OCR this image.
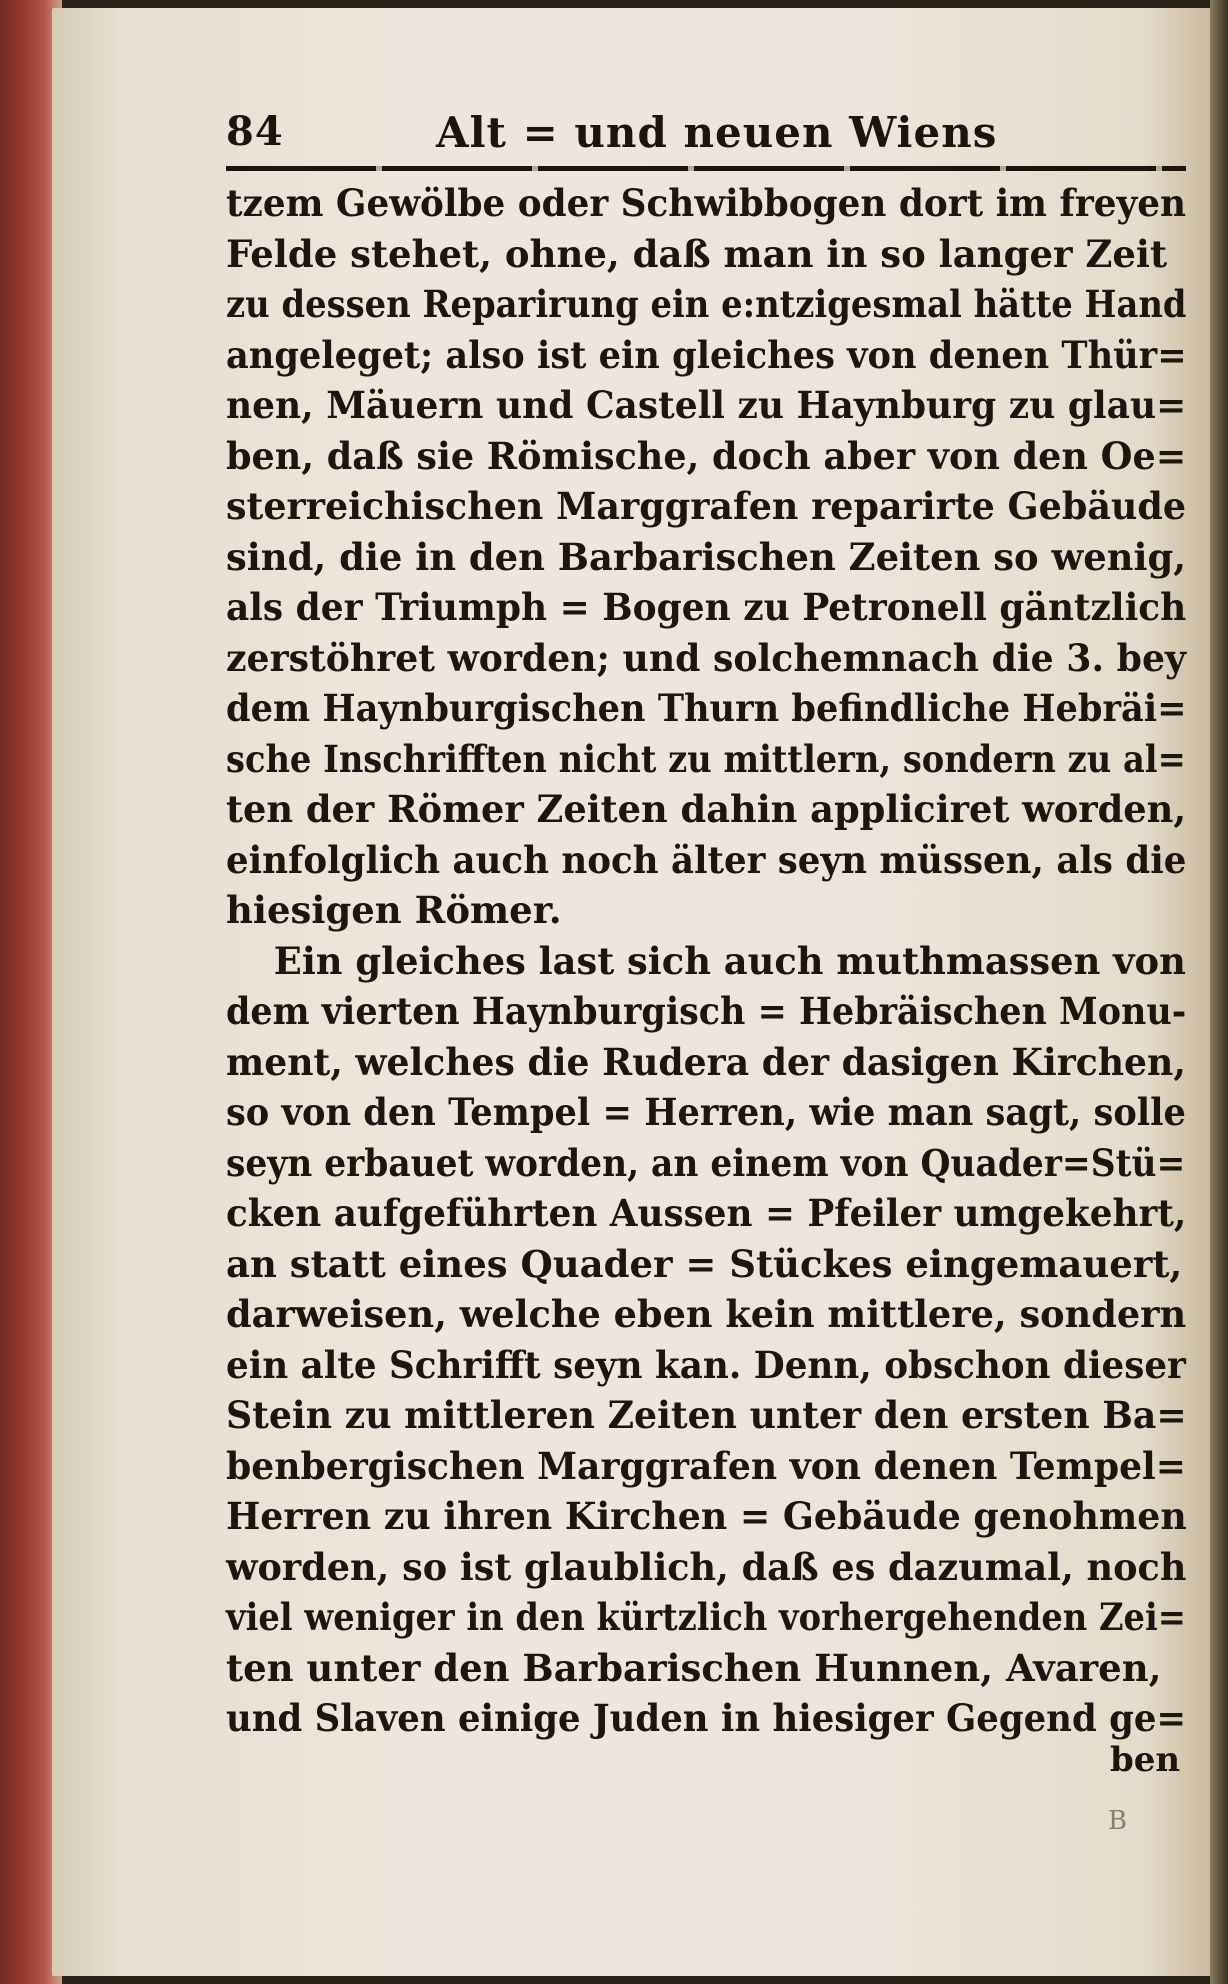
84	Alt = und neuen Wiens
tzem Gewölbe oder Schwibbogen dort im freyen
Felde stehet, ohne, daß man in so langer Zeit
zu dessen Reparirung ein e:ntzigesmal hätte Hand
angeleget; also ist ein gleiches von denen Thür=
nen, Mäuern und Castell zu Haynburg zu glau=
ben, daß sie Römische, doch aber von den Oe=
sterreichischen Marggrafen reparirte Gebäude
sind, die in den Barbarischen Zeiten so wenig,
als der Triumph = Bogen zu Petronell gäntzlich
zerstöhret worden; und solchemnach die 3. bey
dem Haynburgischen Thurn befindliche Hebräi=
sche Inschrifften nicht zu mittlern, sondern zu al=
ten der Römer Zeiten dahin appliciret worden,
einfolglich auch noch älter seyn müssen, als die
hiesigen Römer.
Ein gleiches last sich auch muthmassen von
dem vierten Haynburgisch = Hebräischen Monu-
ment, welches die Rudera der dasigen Kirchen,
so von den Tempel = Herren, wie man sagt, solle
seyn erbauet worden, an einem von Quader=Stü=
cken aufgeführten Aussen = Pfeiler umgekehrt,
an statt eines Quader = Stückes eingemauert,
darweisen, welche eben kein mittlere, sondern
ein alte Schrifft seyn kan. Denn, obschon dieser
Stein zu mittleren Zeiten unter den ersten Ba=
benbergischen Marggrafen von denen Tempel=
Herren zu ihren Kirchen = Gebäude genohmen
worden, so ist glaublich, daß es dazumal, noch
viel weniger in den kürtzlich vorhergehenden Zei=
ten unter den Barbarischen Hunnen, Avaren,
und Slaven einige Juden in hiesiger Gegend ge=
ben
B
